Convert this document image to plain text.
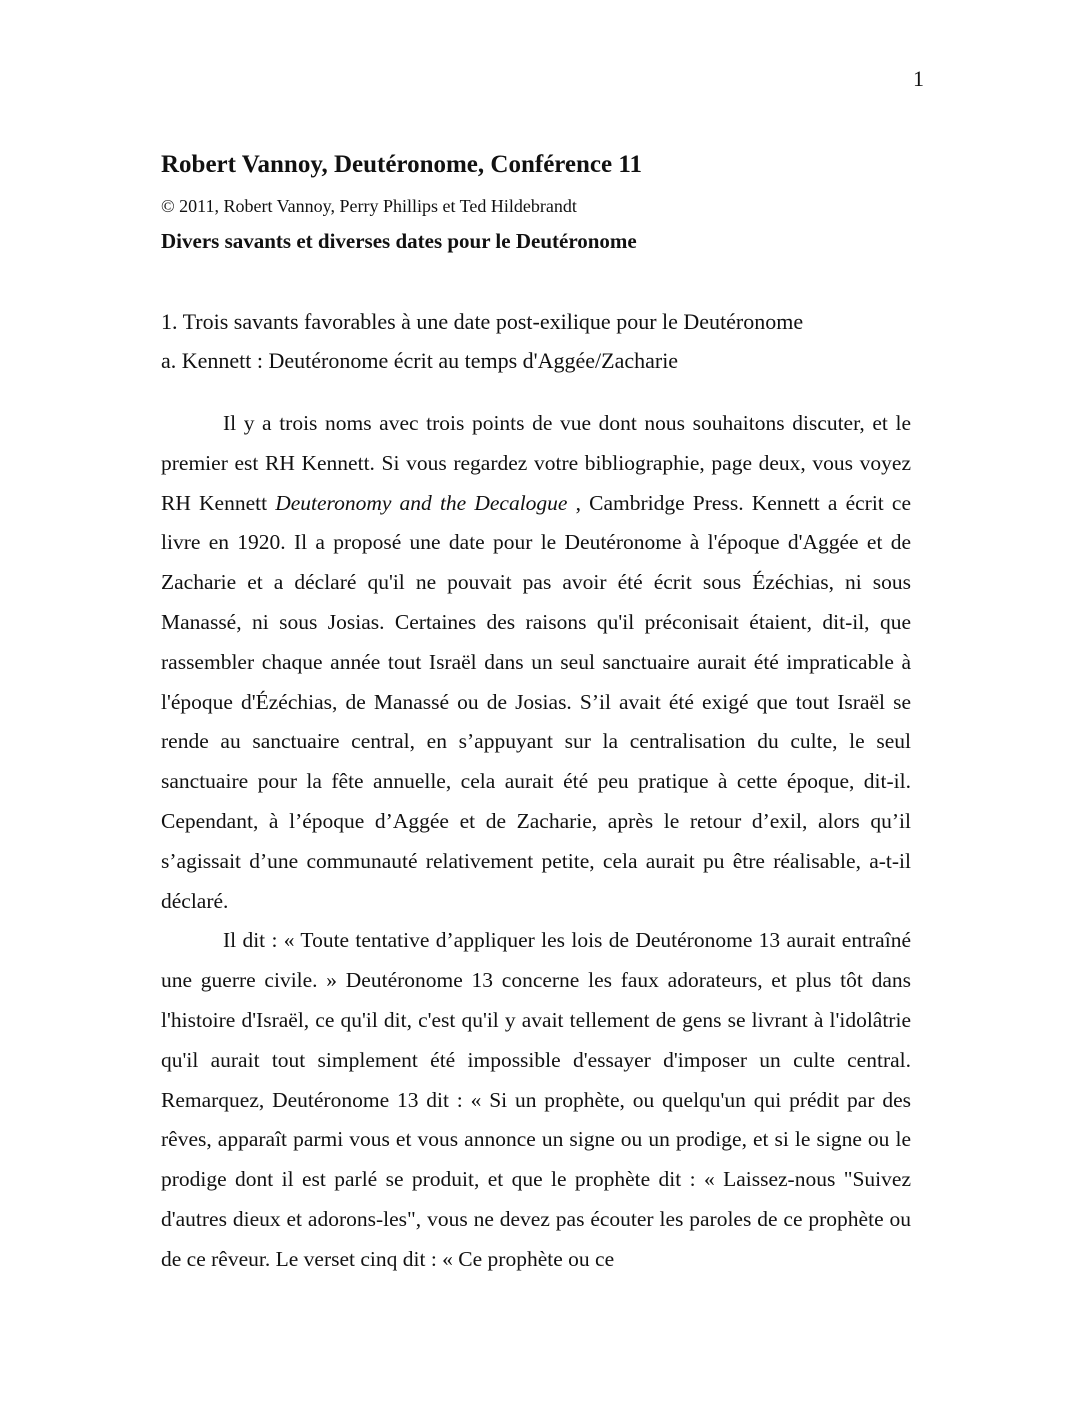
1
Robert Vannoy, Deutéronome, Conférence 11
© 2011, Robert Vannoy, Perry Phillips et Ted Hildebrandt
Divers savants et diverses dates pour le Deutéronome
1. Trois savants favorables à une date post-exilique pour le Deutéronome
a. Kennett : Deutéronome écrit au temps d'Aggée/Zacharie

Il y a trois noms avec trois points de vue dont nous souhaitons discuter, et le premier est RH Kennett. Si vous regardez votre bibliographie, page deux, vous voyez RH Kennett Deuteronomy and the Decalogue , Cambridge Press. Kennett a écrit ce livre en 1920. Il a proposé une date pour le Deutéronome à l'époque d'Aggée et de Zacharie et a déclaré qu'il ne pouvait pas avoir été écrit sous Ézéchias, ni sous Manassé, ni sous Josias. Certaines des raisons qu'il préconisait étaient, dit-il, que rassembler chaque année tout Israël dans un seul sanctuaire aurait été impraticable à l'époque d'Ézéchias, de Manassé ou de Josias. S’il avait été exigé que tout Israël se rende au sanctuaire central, en s’appuyant sur la centralisation du culte, le seul sanctuaire pour la fête annuelle, cela aurait été peu pratique à cette époque, dit-il. Cependant, à l’époque d’Aggée et de Zacharie, après le retour d’exil, alors qu’il s’agissait d’une communauté relativement petite, cela aurait pu être réalisable, a-t-il déclaré.

Il dit : « Toute tentative d’appliquer les lois de Deutéronome 13 aurait entraîné une guerre civile. » Deutéronome 13 concerne les faux adorateurs, et plus tôt dans l'histoire d'Israël, ce qu'il dit, c'est qu'il y avait tellement de gens se livrant à l'idolâtrie qu'il aurait tout simplement été impossible d'essayer d'imposer un culte central. Remarquez, Deutéronome 13 dit : « Si un prophète, ou quelqu'un qui prédit par des rêves, apparaît parmi vous et vous annonce un signe ou un prodige, et si le signe ou le prodige dont il est parlé se produit, et que le prophète dit : « Laissez-nous "Suivez d'autres dieux et adorons-les", vous ne devez pas écouter les paroles de ce prophète ou de ce rêveur. Le verset cinq dit : « Ce prophète ou ce
